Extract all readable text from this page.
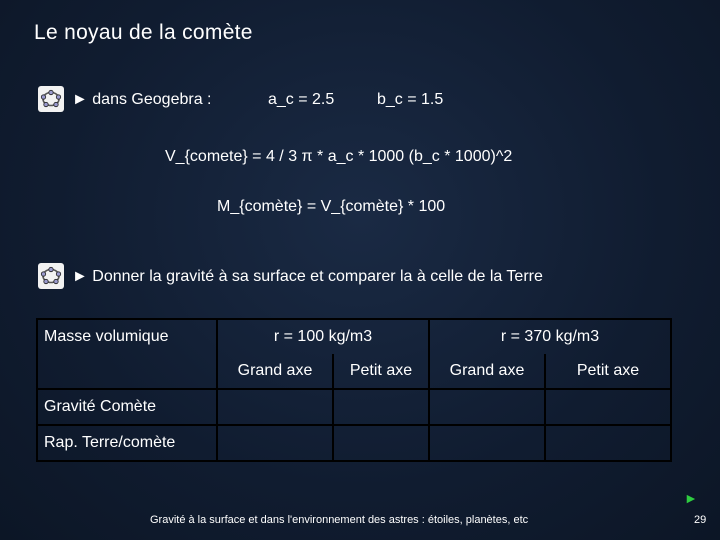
Le noyau de la comète
► dans Geogebra :	a_c = 2.5	b_c = 1.5
V_{comete} = 4 / 3 π * a_c * 1000 (b_c * 1000)^2
M_{comète} = V_{comète} * 100
► Donner la gravité à sa surface et comparer la à celle de la Terre
Masse volumique	r = 100 kg/m3		r = 370 kg/m3	
	Grand axe	Petit axe	Grand axe	Petit axe
Gravité Comète				
Rap. Terre/comète				
►
Gravité à la surface et dans l'environnement des astres : étoiles, planètes, etc	29
